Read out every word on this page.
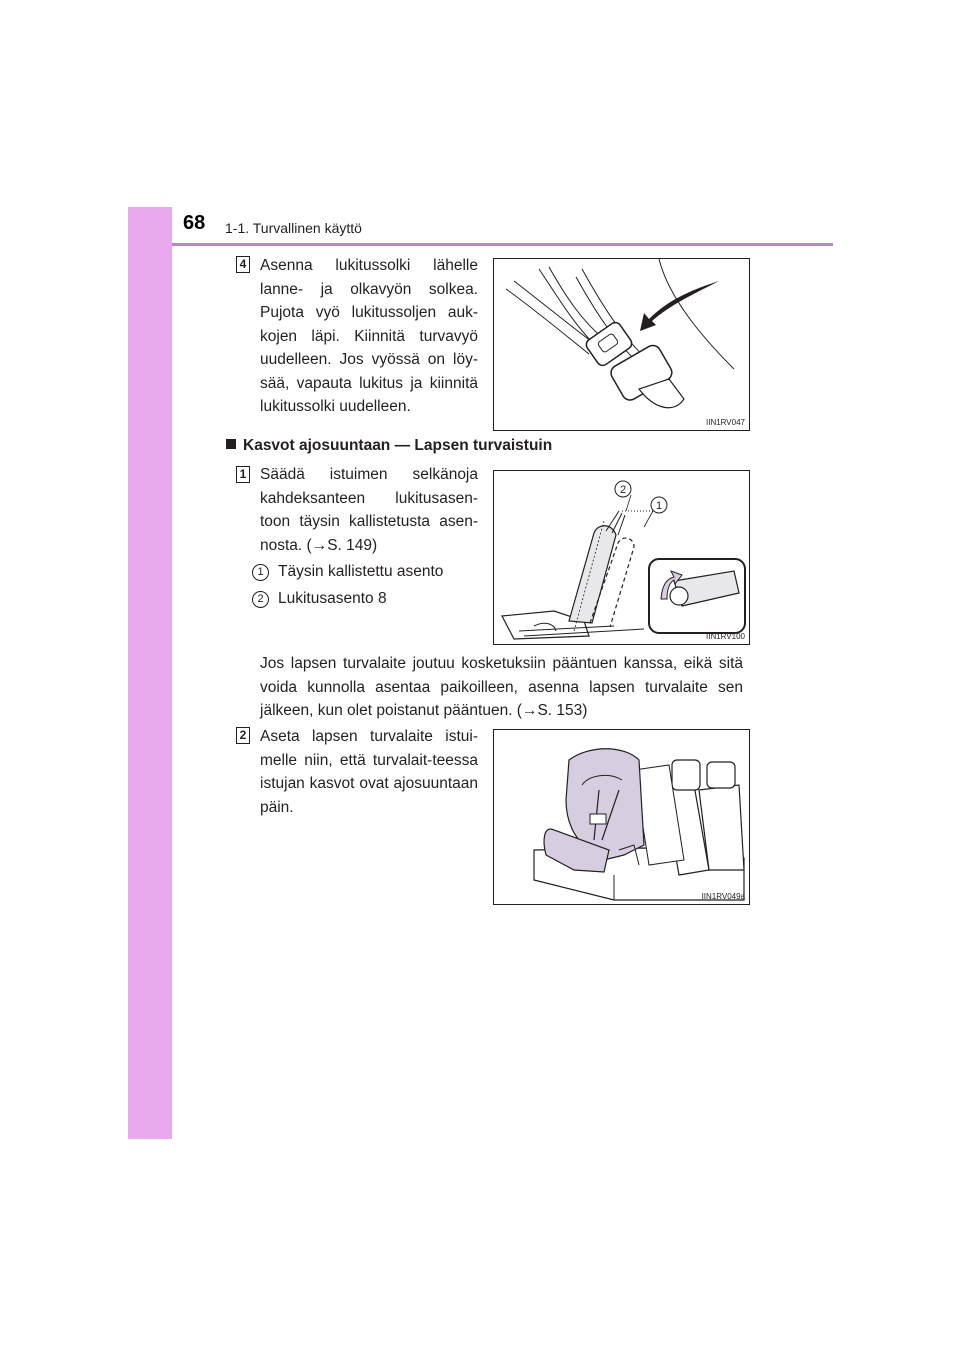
68 1-1. Turvallinen käyttö
4 Asenna lukitussolki lähelle lanne- ja olkavyön solkea. Pujota vyö lukitussoljen auk-kojen läpi. Kiinnitä turvavyö uudelleen. Jos vyössä on löy-sää, vapauta lukitus ja kiinnitä lukitussolki uudelleen.

IIN1RV047
Kasvot ajosuuntaan — Lapsen turvaistuin
1 Säädä istuimen selkänoja kahdeksanteen lukitusasen-toon täysin kallistetusta asen-nosta. (→S. 149)

1 Täysin kallistettu asento
2 Lukitusasento 8
2
1
IIN1RV100

Jos lapsen turvalaite joutuu kosketuksiin pääntuen kanssa, eikä sitä voida kunnolla asentaa paikoilleen, asenna lapsen turvalaite sen jälkeen, kun olet poistanut pääntuen. (→S. 153)

2 Aseta lapsen turvalaite istui-melle niin, että turvalait-teessa istujan kasvot ovat ajosuuntaan päin.

IIN1RV049a
